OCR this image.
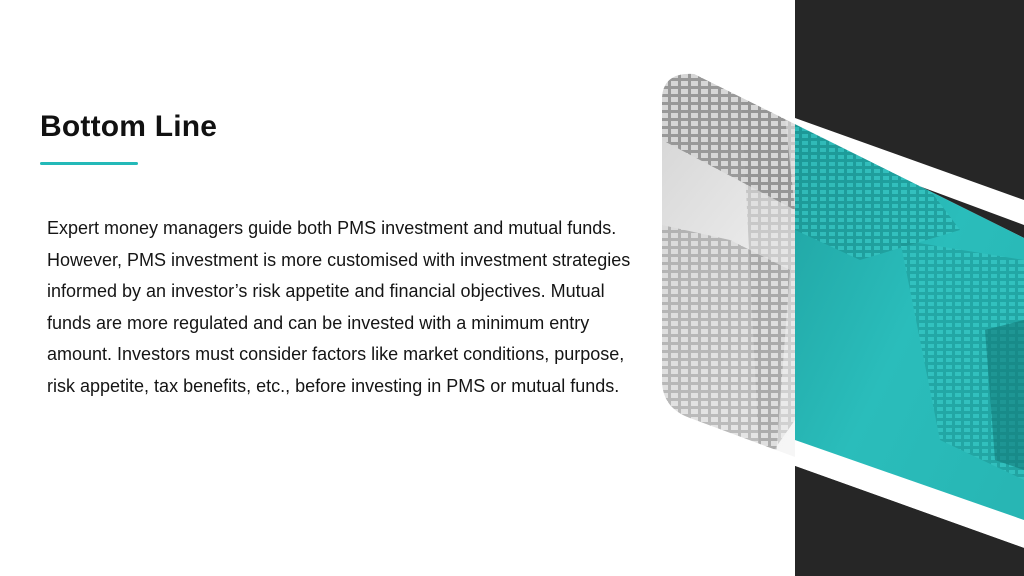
Bottom Line

Expert money managers guide both PMS investment and mutual funds. However, PMS investment is more customised with investment strategies informed by an investor’s risk appetite and financial objectives. Mutual funds are more regulated and can be invested with a minimum entry amount. Investors must consider factors like market conditions, purpose, risk appetite, tax benefits, etc., before investing in PMS or mutual funds.
